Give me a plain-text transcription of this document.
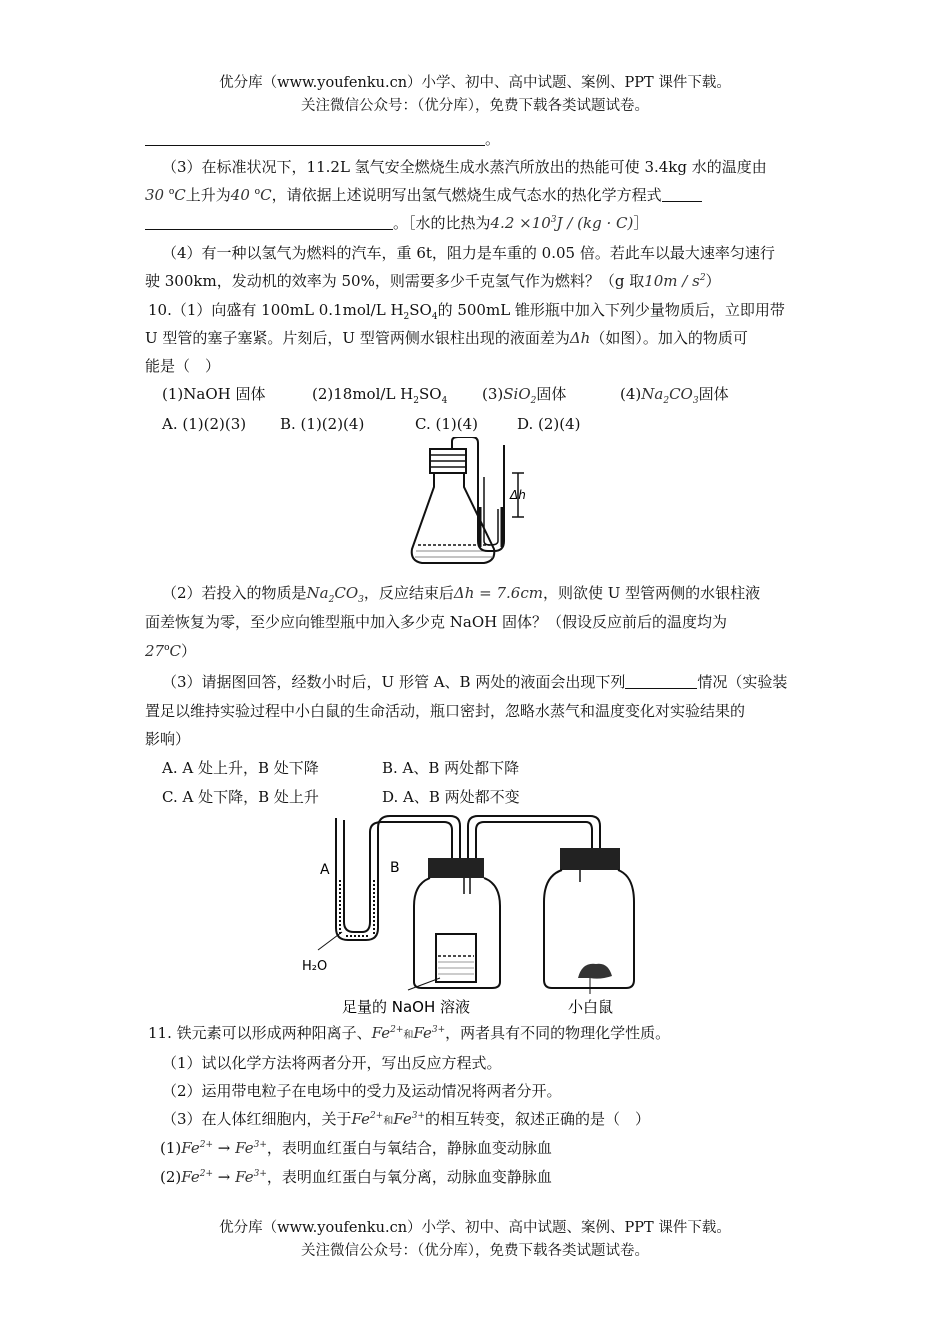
优分库（www.youfenku.cn）小学、初中、高中试题、案例、PPT 课件下载。
关注微信公众号：（优分库），免费下载各类试题试卷。
。
（3）在标准状况下，11.2L 氢气安全燃烧生成水蒸汽所放出的热能可使 3.4kg 水的温度由
30 $^o$C上升为40 $^o$C，请依据上述说明写出氢气燃烧生成气态水的热化学方程式
。［水的比热为$4.2 \times 10^3J / (kg$ · C)］
（4）有一种以氢气为燃料的汽车，重 6t，阻力是车重的 0.05 倍。若此车以最大速率匀速行
驶 300km，发动机的效率为 50%，则需要多少千克氢气作为燃料？（g 取$10m / s^2$）
10.（1）向盛有 100mL 0.1mol/L $H_2SO_4$的 500mL 锥形瓶中加入下列少量物质后，立即用带
U 型管的塞子塞紧。片刻后，U 型管两侧水银柱出现的液面差为Δh（如图）。加入的物质可
能是（　）
(1)NaOH 固体	(2)18mol/L $H_2SO_4$ (3)SiO$_2$固体	$(4)Na_2CO_3$固体
A. (1)(2)(3) B. (1)(2)(4)	C. (1)(4)	D. (2)(4)
Δh
（2）若投入的物质是$Na_2CO_3$，反应结束后Δh = 7.6cm，则欲使 U 型管两侧的水银柱液
面差恢复为零，至少应向锥型瓶中加入多少克 NaOH 固体？（假设反应前后的温度均为
27$^o$C）
（3）请据图回答，经数小时后，U 形管 A、B 两处的液面会出现下列	情况（实验装
置足以维持实验过程中小白鼠的生命活动，瓶口密封，忽略水蒸气和温度变化对实验结果的
影响）
A. A 处上升，B 处下降	B. A、B 两处都下降
C. A 处下降，B 处上升	D. A、B 两处都不变
A	B
H₂O
足量的 NaOH 溶液	小白鼠
11. 铁元素可以形成两种阳离子、$Fe^{2+}$和$Fe^{3+}$，两者具有不同的物理化学性质。
（1）试以化学方法将两者分开，写出反应方程式。
（2）运用带电粒子在电场中的受力及运动情况将两者分开。
（3）在人体红细胞内，关于$Fe^{2+}$和$Fe^{3+}$的相互转变，叙述正确的是（　）
$(1)Fe^{2+} \to Fe^{3+}$，表明血红蛋白与氧结合，静脉血变动脉血
$(2)Fe^{2+} \to Fe^{3+}$，表明血红蛋白与氧分离，动脉血变静脉血
优分库（www.youfenku.cn）小学、初中、高中试题、案例、PPT 课件下载。
关注微信公众号：（优分库），免费下载各类试题试卷。
